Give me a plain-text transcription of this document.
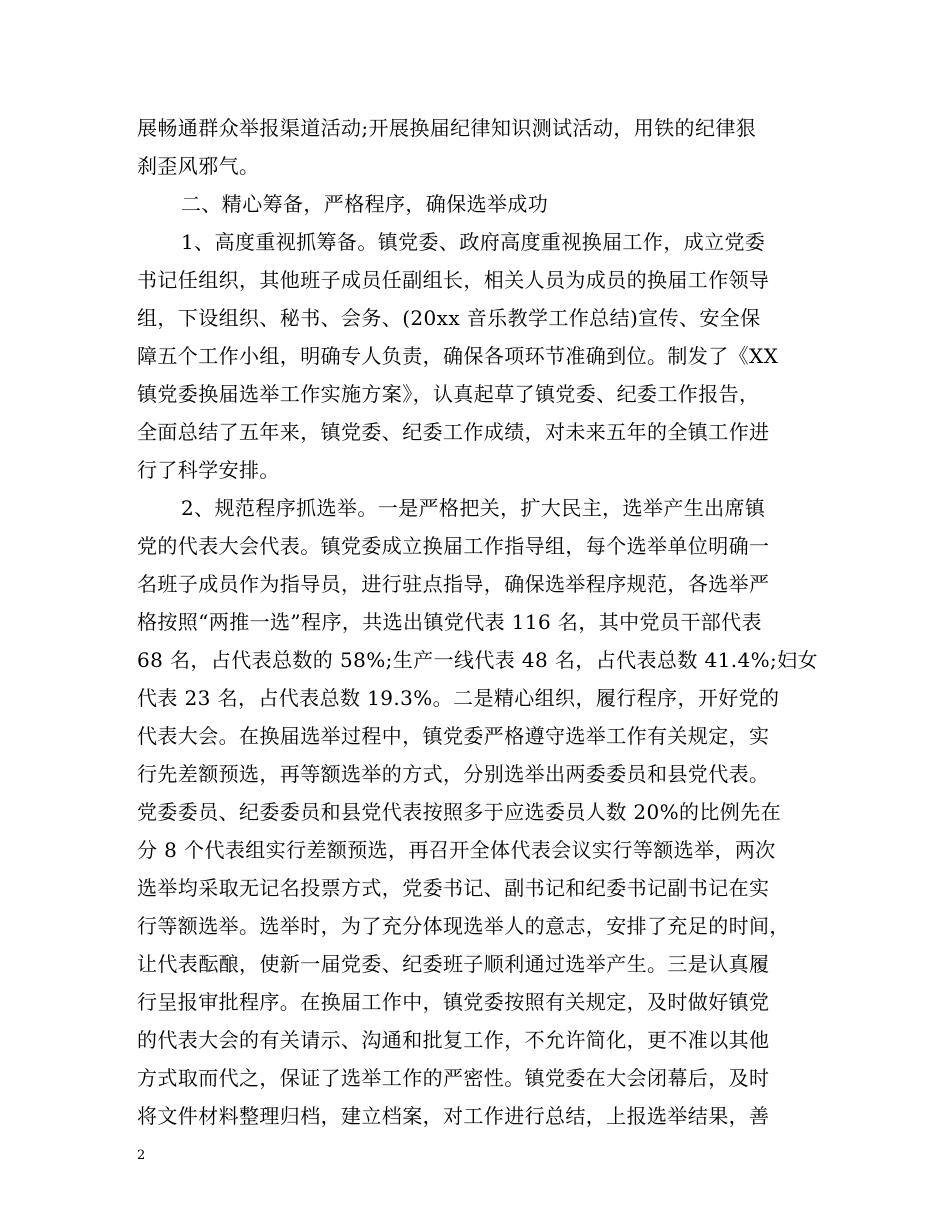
展畅通群众举报渠道活动;开展换届纪律知识测试活动，用铁的纪律狠
刹歪风邪气。
二、精心筹备，严格程序，确保选举成功
1、高度重视抓筹备。镇党委、政府高度重视换届工作，成立党委
书记任组织，其他班子成员任副组长，相关人员为成员的换届工作领导
组，下设组织、秘书、会务、(20xx 音乐教学工作总结)宣传、安全保
障五个工作小组，明确专人负责，确保各项环节准确到位。制发了《XX
镇党委换届选举工作实施方案》，认真起草了镇党委、纪委工作报告，
全面总结了五年来，镇党委、纪委工作成绩，对未来五年的全镇工作进
行了科学安排。
2、规范程序抓选举。一是严格把关，扩大民主，选举产生出席镇
党的代表大会代表。镇党委成立换届工作指导组，每个选举单位明确一
名班子成员作为指导员，进行驻点指导，确保选举程序规范，各选举严
格按照“两推一选”程序，共选出镇党代表 116 名，其中党员干部代表
68 名，占代表总数的 58%;生产一线代表 48 名，占代表总数 41.4%;妇女
代表 23 名，占代表总数 19.3%。二是精心组织，履行程序，开好党的
代表大会。在换届选举过程中，镇党委严格遵守选举工作有关规定，实
行先差额预选，再等额选举的方式，分别选举出两委委员和县党代表。
党委委员、纪委委员和县党代表按照多于应选委员人数 20%的比例先在
分 8 个代表组实行差额预选，再召开全体代表会议实行等额选举，两次
选举均采取无记名投票方式，党委书记、副书记和纪委书记副书记在实
行等额选举。选举时，为了充分体现选举人的意志，安排了充足的时间，
让代表酝酿，使新一届党委、纪委班子顺利通过选举产生。三是认真履
行呈报审批程序。在换届工作中，镇党委按照有关规定，及时做好镇党
的代表大会的有关请示、沟通和批复工作，不允许简化，更不准以其他
方式取而代之，保证了选举工作的严密性。镇党委在大会闭幕后，及时
将文件材料整理归档，建立档案，对工作进行总结，上报选举结果，善
2
